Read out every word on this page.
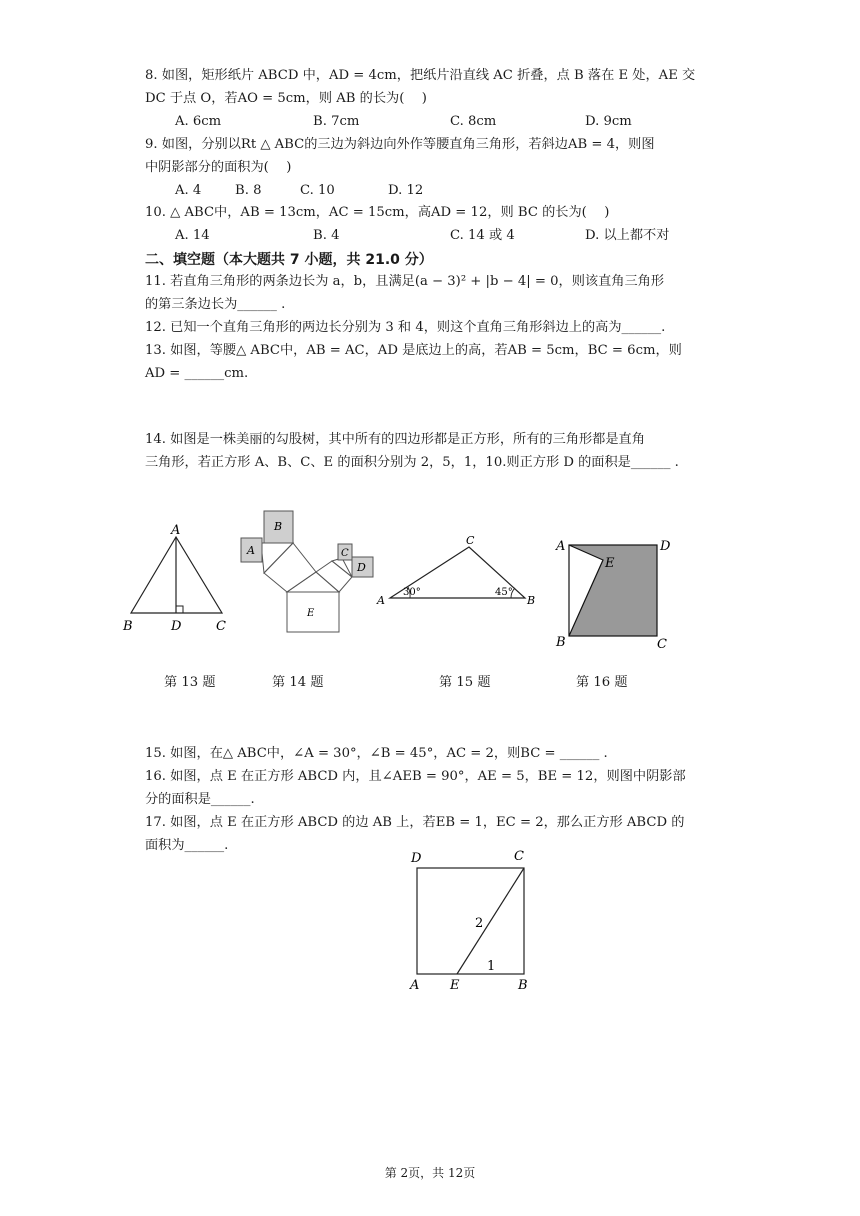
8. 如图，矩形纸片 ABCD 中，AD = 4cm，把纸片沿直线 AC 折叠，点 B 落在 E 处，AE 交
DC 于点 O，若AO = 5cm，则 AB 的长为(　 )
A. 6cm	B. 7cm	C. 8cm	D. 9cm
9. 如图，分别以Rt △ ABC的三边为斜边向外作等腰直角三角形，若斜边AB = 4，则图
中阴影部分的面积为(　 )
A. 4	B. 8	C. 10	D. 12
10. △ ABC中，AB = 13cm，AC = 15cm，高AD = 12，则 BC 的长为(　 )
A. 14	B. 4	C. 14 或 4	D. 以上都不对
二、填空题（本大题共 7 小题，共 21.0 分）
11. 若直角三角形的两条边长为 a，b，且满足(a − 3)² + |b − 4| = 0，则该直角三角形
的第三条边长为______ .
12. 已知一个直角三角形的两边长分别为 3 和 4，则这个直角三角形斜边上的高为______.
13. 如图，等腰△ ABC中，AB = AC，AD 是底边上的高，若AB = 5cm，BC = 6cm，则
AD = ______cm.
14. 如图是一株美丽的勾股树，其中所有的四边形都是正方形，所有的三角形都是直角
三角形，若正方形 A、B、C、E 的面积分别为 2，5，1，10.则正方形 D 的面积是______ .
A
B	D	C
B
A	C
D
E
C
A	B
30°	45°
A	D
E
B	C
第 13 题	第 14 题	第 15 题	第 16 题
15. 如图，在△ ABC中，∠A = 30°，∠B = 45°，AC = 2，则BC = ______ .
16. 如图，点 E 在正方形 ABCD 内，且∠AEB = 90°，AE = 5，BE = 12，则图中阴影部
分的面积是______.
17. 如图，点 E 在正方形 ABCD 的边 AB 上，若EB = 1，EC = 2，那么正方形 ABCD 的
面积为______.
D	C
A E	B
2
1
第 2页，共 12页
